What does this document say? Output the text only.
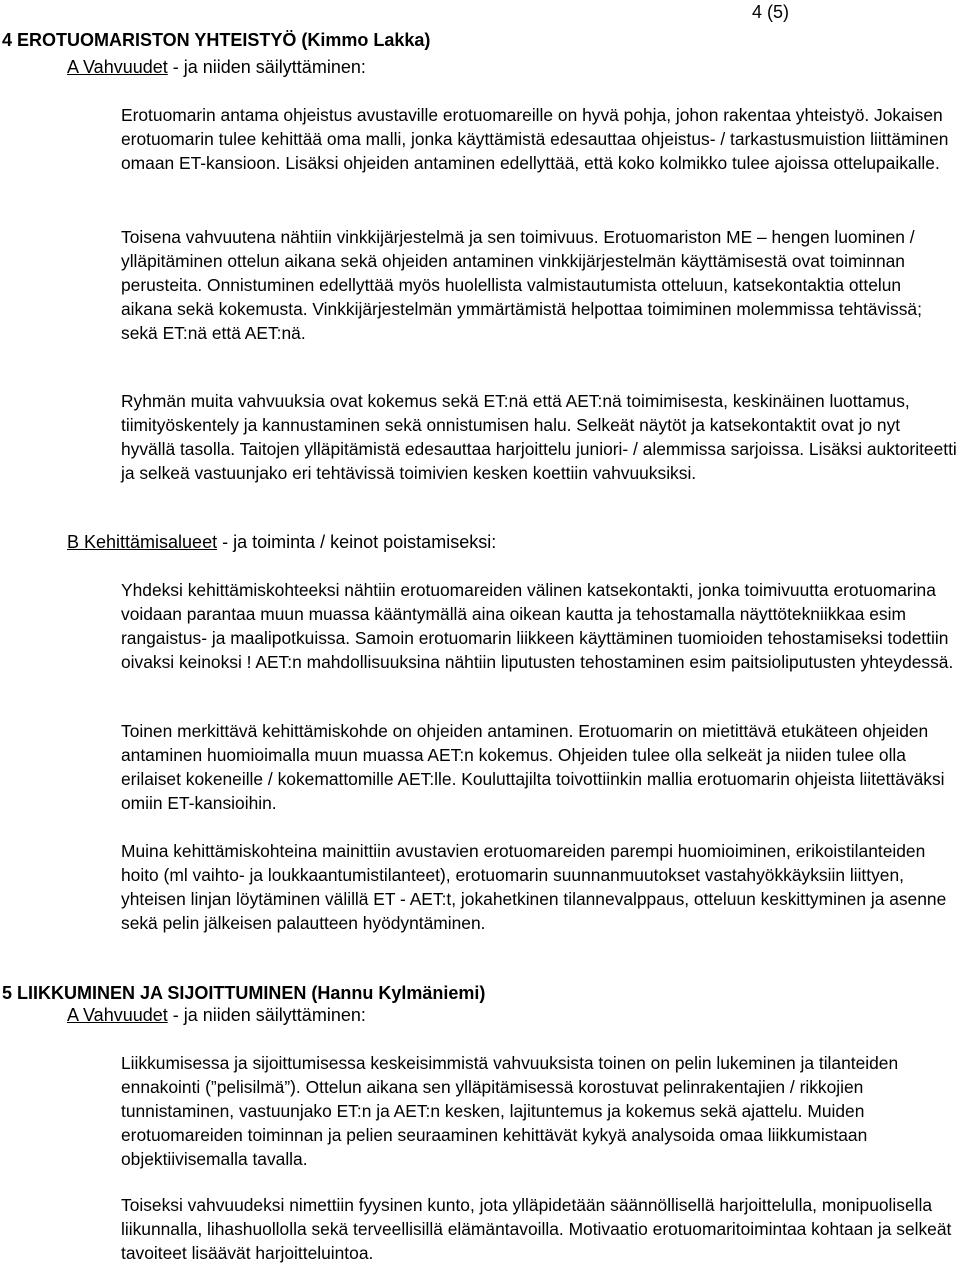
4 (5)
4 EROTUOMARISTON YHTEISTYÖ (Kimmo Lakka)
A Vahvuudet - ja niiden säilyttäminen:

Erotuomarin antama ohjeistus avustaville erotuomareille on hyvä pohja, johon rakentaa yhteistyö. Jokaisen erotuomarin tulee kehittää oma malli, jonka käyttämistä edesauttaa ohjeistus- / tarkastusmuistion liittäminen omaan ET-kansioon. Lisäksi ohjeiden antaminen edellyttää, että koko kolmikko tulee ajoissa ottelupaikalle.

Toisena vahvuutena nähtiin vinkkijärjestelmä ja sen toimivuus. Erotuomariston ME – hengen luominen / ylläpitäminen ottelun aikana sekä ohjeiden antaminen vinkkijärjestelmän käyttämisestä ovat toiminnan perusteita. Onnistuminen edellyttää myös huolellista valmistautumista otteluun, katsekontaktia ottelun aikana sekä kokemusta. Vinkkijärjestelmän ymmärtämistä helpottaa toimiminen molemmissa tehtävissä; sekä ET:nä että AET:nä.

Ryhmän muita vahvuuksia ovat kokemus sekä ET:nä että AET:nä toimimisesta, keskinäinen luottamus, tiimityöskentely ja kannustaminen sekä onnistumisen halu. Selkeät näytöt ja katsekontaktit ovat jo nyt hyvällä tasolla. Taitojen ylläpitämistä edesauttaa harjoittelu juniori- / alemmissa sarjoissa. Lisäksi auktoriteetti ja selkeä vastuunjako eri tehtävissä toimivien kesken koettiin vahvuuksiksi.

B Kehittämisalueet - ja toiminta / keinot poistamiseksi:

Yhdeksi kehittämiskohteeksi nähtiin erotuomareiden välinen katsekontakti, jonka toimivuutta erotuomarina voidaan parantaa muun muassa kääntymällä aina oikean kautta ja tehostamalla näyttötekniikkaa esim rangaistus- ja maalipotkuissa. Samoin erotuomarin liikkeen käyttäminen tuomioiden tehostamiseksi todettiin oivaksi keinoksi ! AET:n mahdollisuuksina nähtiin liputusten tehostaminen esim paitsioliputusten yhteydessä.

Toinen merkittävä kehittämiskohde on ohjeiden antaminen. Erotuomarin on mietittävä etukäteen ohjeiden antaminen huomioimalla muun muassa AET:n kokemus. Ohjeiden tulee olla selkeät ja niiden tulee olla erilaiset kokeneille / kokemattomille AET:lle. Kouluttajilta toivottiinkin mallia erotuomarin ohjeista liitettäväksi omiin ET-kansioihin.

Muina kehittämiskohteina mainittiin avustavien erotuomareiden parempi huomioiminen, erikoistilanteiden hoito (ml vaihto- ja loukkaantumistilanteet), erotuomarin suunnanmuutokset vastahyökkäyksiin liittyen, yhteisen linjan löytäminen välillä ET - AET:t, jokahetkinen tilannevalppaus, otteluun keskittyminen ja asenne sekä pelin jälkeisen palautteen hyödyntäminen.

5 LIIKKUMINEN JA SIJOITTUMINEN (Hannu Kylmäniemi)
A Vahvuudet - ja niiden säilyttäminen:

Liikkumisessa ja sijoittumisessa keskeisimmistä vahvuuksista toinen on pelin lukeminen ja tilanteiden ennakointi (”pelisilmä”). Ottelun aikana sen ylläpitämisessä korostuvat pelinrakentajien / rikkojien tunnistaminen, vastuunjako ET:n ja AET:n kesken, lajituntemus ja kokemus sekä ajattelu. Muiden erotuomareiden toiminnan ja pelien seuraaminen kehittävät kykyä analysoida omaa liikkumistaan objektiivisemalla tavalla.

Toiseksi vahvuudeksi nimettiin fyysinen kunto, jota ylläpidetään säännöllisellä harjoittelulla, monipuolisella liikunnalla, lihashuollolla sekä terveellisillä elämäntavoilla. Motivaatio erotuomaritoimintaa kohtaan ja selkeät tavoiteet lisäävät harjoitteluintoa.
